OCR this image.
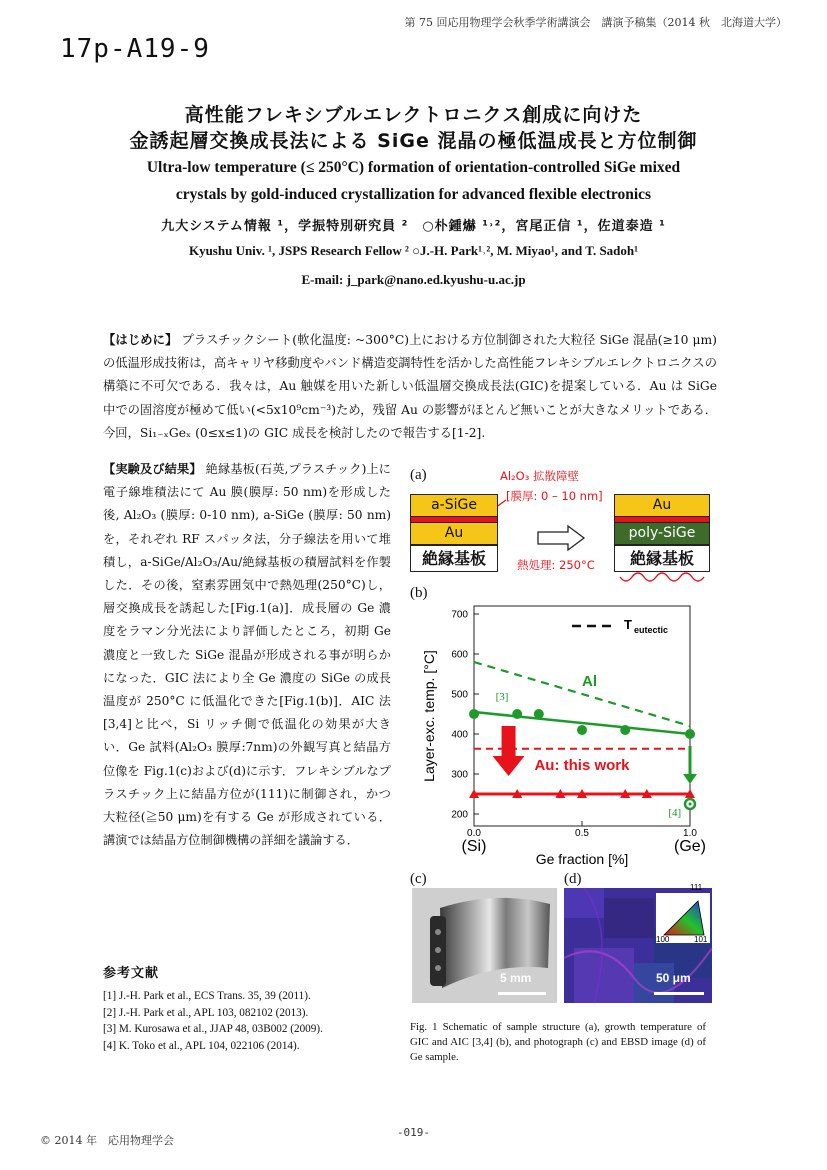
第 75 回応用物理学会秋季学術講演会　講演予稿集（2014 秋　北海道大学）
17p-A19-9
高性能フレキシブルエレクトロニクス創成に向けた
金誘起層交換成長法による SiGe 混晶の極低温成長と方位制御
Ultra-low temperature (≤ 250°C) formation of orientation-controlled SiGe mixed
crystals by gold-induced crystallization for advanced flexible electronics
九大システム情報 ¹，学振特別研究員 ²　○朴鍾爀 ¹˒²，宮尾正信 ¹，佐道泰造 ¹
Kyushu Univ. ¹, JSPS Research Fellow ² ○J.-H. Park¹˒², M. Miyao¹, and T. Sadoh¹
E-mail: j_park@nano.ed.kyushu-u.ac.jp
【はじめに】 プラスチックシート(軟化温度: ~300°C)上における方位制御された大粒径 SiGe 混晶(≥10 μm)の低温形成技術は，高キャリヤ移動度やバンド構造変調特性を活かした高性能フレキシブルエレクトロニクスの構築に不可欠である．我々は，Au 触媒を用いた新しい低温層交換成長法(GIC)を提案している．Au は SiGe 中での固溶度が極めて低い(<5x10⁹cm⁻³)ため，残留 Au の影響がほとんど無いことが大きなメリットである．今回，Si₁₋ₓGeₓ (0≤x≤1)の GIC 成長を検討したので報告する[1-2].
【実験及び結果】 絶縁基板(石英,プラスチック)上に電子線堆積法にて Au 膜(膜厚: 50 nm)を形成した後, Al₂O₃ (膜厚: 0-10 nm), a-SiGe (膜厚: 50 nm)を，それぞれ RF スパッタ法，分子線法を用いて堆積し，a-SiGe/Al₂O₃/Au/絶縁基板の積層試料を作製した．その後，窒素雰囲気中で熱処理(250°C)し，層交換成長を誘起した[Fig.1(a)]．成長層の Ge 濃度をラマン分光法により評価したところ，初期 Ge 濃度と一致した SiGe 混晶が形成される事が明らかになった．GIC 法により全 Ge 濃度の SiGe の成長温度が 250°C に低温化できた[Fig.1(b)]．AIC 法[3,4]と比べ，Si リッチ側で低温化の効果が大きい．Ge 試料(Al₂O₃ 膜厚:7nm)の外観写真と結晶方位像を Fig.1(c)および(d)に示す．フレキシブルなプラスチック上に結晶方位が(111)に制御され，かつ大粒径(≧50 μm)を有する Ge が形成されている．講演では結晶方位制御機構の詳細を議論する．
参考文献
[1] J.-H. Park et al., ECS Trans. 35, 39 (2011).
[2] J.-H. Park et al., APL 103, 082102 (2013).
[3] M. Kurosawa et al., JJAP 48, 03B002 (2009).
[4] K. Toko et al., APL 104, 022106 (2014).
(a)	Al₂O₃ 拡散障壁
[膜厚: 0 – 10 nm]
a-SiGe
Au
絶縁基板	熱処理: 250°C
Au
poly-SiGe
絶縁基板
(b)
200
300
400
500
600
700
0.0	0.5	1.0
(Si)	(Ge)
Ge fraction [%]
Layer-exc. temp. [°C]
T eutectic
Al
[3]
Au: this work
[4]
(c)
5 mm
(d)
111
100	101
50 μm
Fig. 1 Schematic of sample structure (a), growth temperature of GIC and AIC [3,4] (b), and photograph (c) and EBSD image (d) of Ge sample.
© 2014 年　応用物理学会
-019-
